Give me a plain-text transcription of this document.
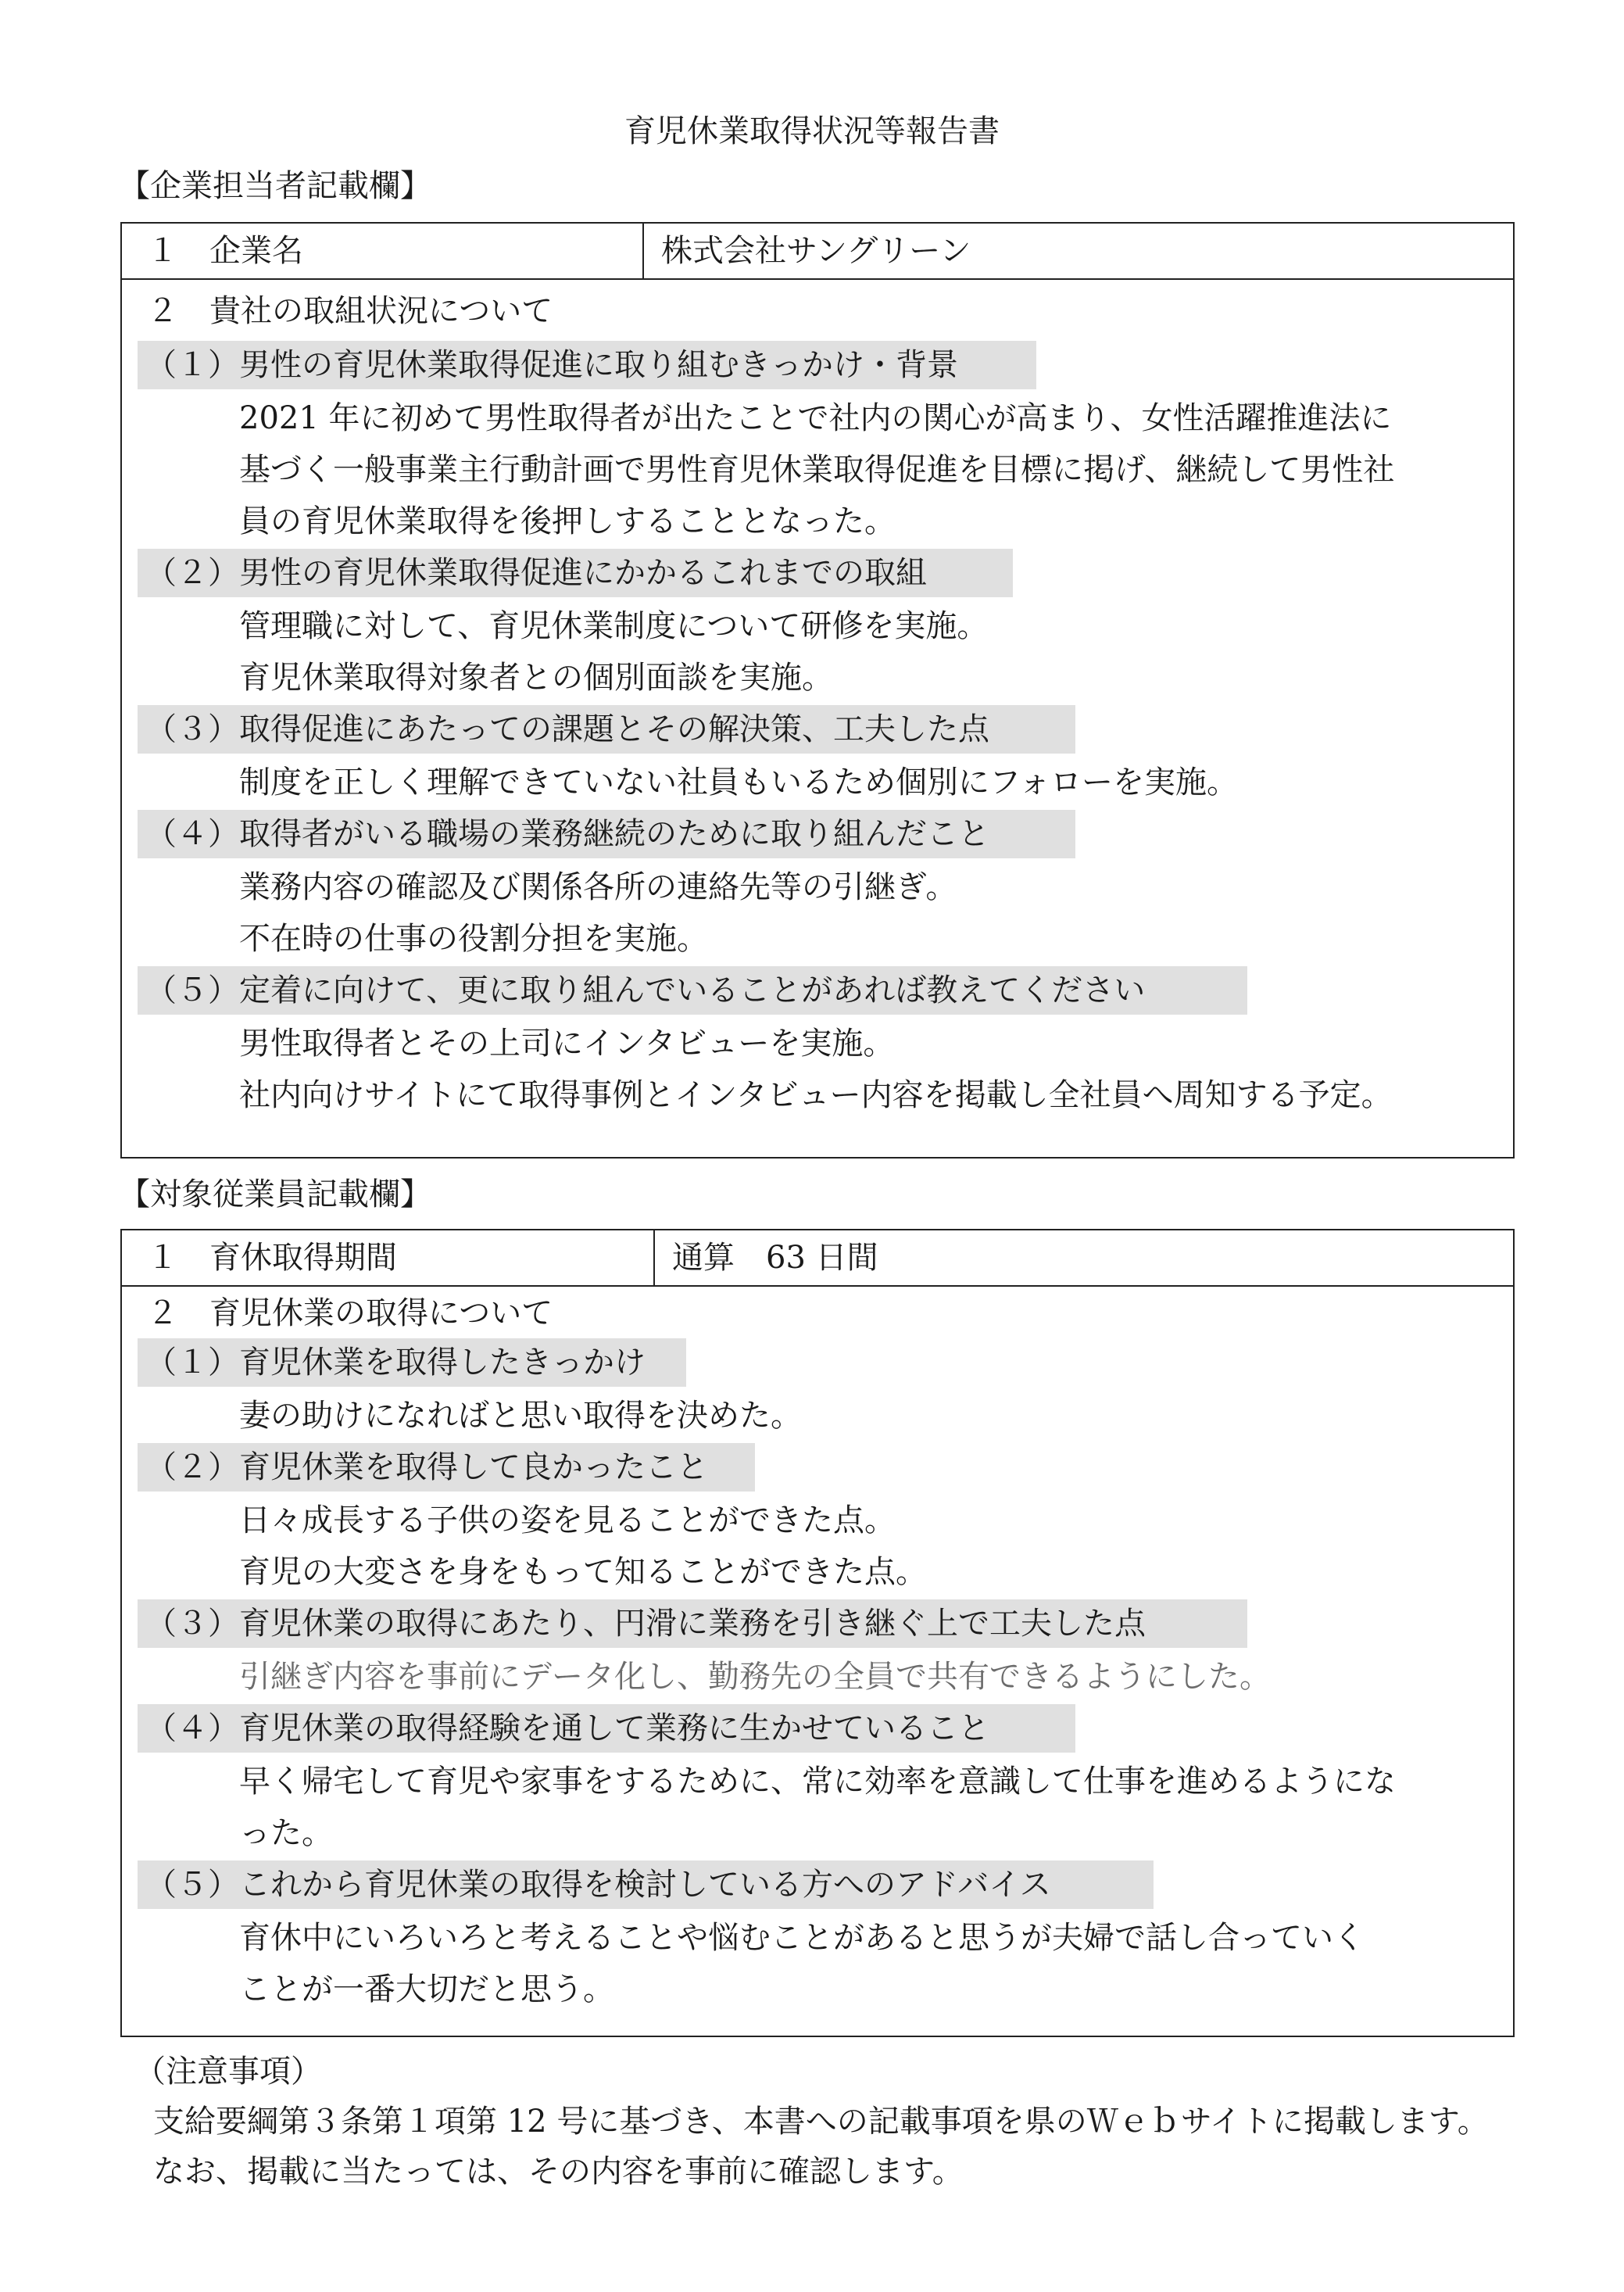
育児休業取得状況等報告書
【企業担当者記載欄】
１　企業名	株式会社サングリーン
２　貴社の取組状況について
（１）男性の育児休業取得促進に取り組むきっかけ・背景
2021 年に初めて男性取得者が出たことで社内の関心が高まり、女性活躍推進法に
基づく一般事業主行動計画で男性育児休業取得促進を目標に掲げ、継続して男性社
員の育児休業取得を後押しすることとなった。
（２）男性の育児休業取得促進にかかるこれまでの取組
管理職に対して、育児休業制度について研修を実施。
育児休業取得対象者との個別面談を実施。
（３）取得促進にあたっての課題とその解決策、工夫した点
制度を正しく理解できていない社員もいるため個別にフォローを実施。
（４）取得者がいる職場の業務継続のために取り組んだこと
業務内容の確認及び関係各所の連絡先等の引継ぎ。
不在時の仕事の役割分担を実施。
（５）定着に向けて、更に取り組んでいることがあれば教えてください
男性取得者とその上司にインタビューを実施。
社内向けサイトにて取得事例とインタビュー内容を掲載し全社員へ周知する予定。
【対象従業員記載欄】
１　育休取得期間	通算　63 日間
２　育児休業の取得について
（１）育児休業を取得したきっかけ
妻の助けになればと思い取得を決めた。
（２）育児休業を取得して良かったこと
日々成長する子供の姿を見ることができた点。
育児の大変さを身をもって知ることができた点。
（３）育児休業の取得にあたり、円滑に業務を引き継ぐ上で工夫した点
引継ぎ内容を事前にデータ化し、勤務先の全員で共有できるようにした。
（４）育児休業の取得経験を通して業務に生かせていること
早く帰宅して育児や家事をするために、常に効率を意識して仕事を進めるようにな
った。
（５）これから育児休業の取得を検討している方へのアドバイス
育休中にいろいろと考えることや悩むことがあると思うが夫婦で話し合っていく
ことが一番大切だと思う。
（注意事項）
支給要綱第３条第１項第 12 号に基づき、本書への記載事項を県のＷｅｂサイトに掲載します。
なお、掲載に当たっては、その内容を事前に確認します。
